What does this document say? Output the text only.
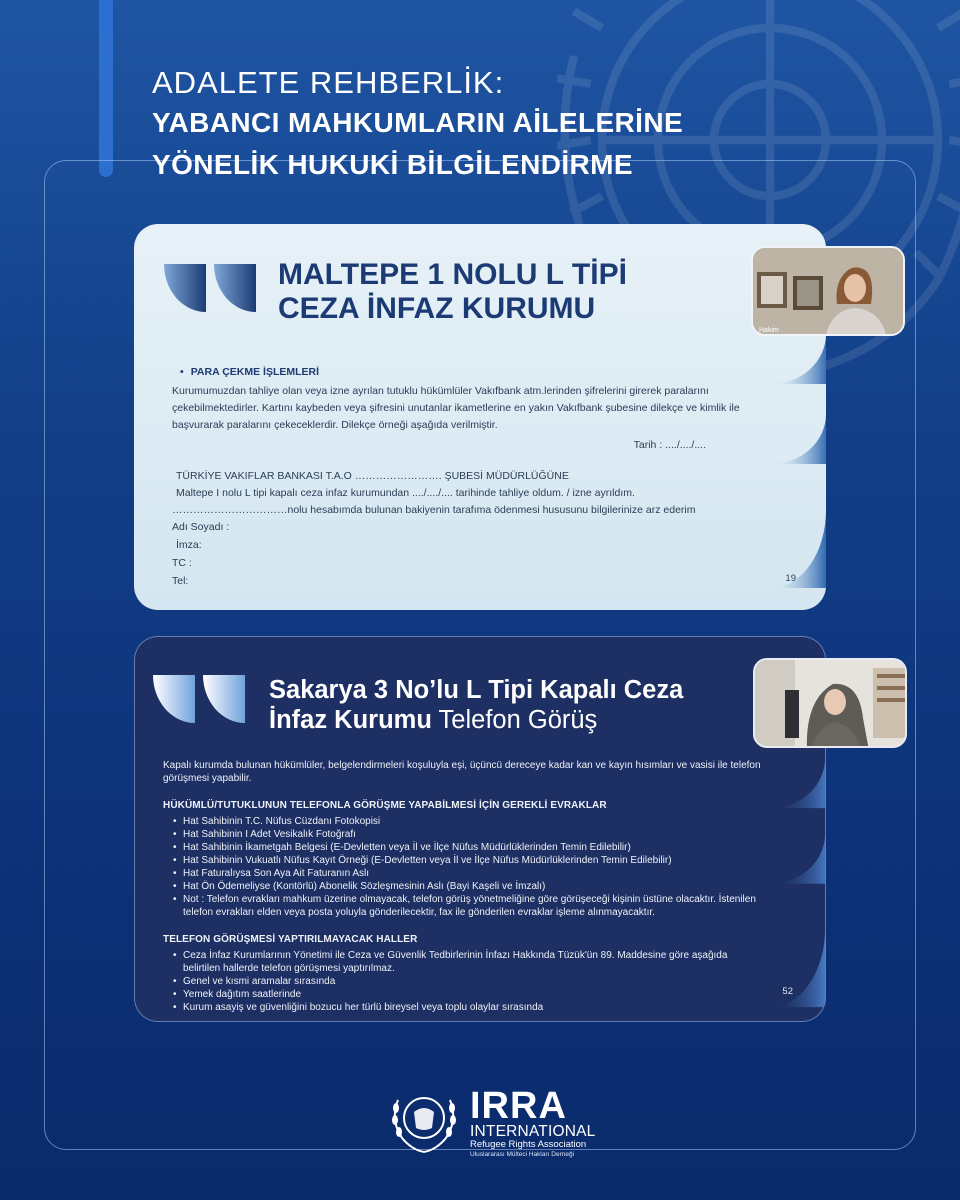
ADALETE REHBERLİK:
YABANCI MAHKUMLARIN AİLELERİNE
YÖNELİK HUKUKİ BİLGİLENDİRME
MALTEPE 1 NOLU L TİPİ
CEZA İNFAZ KURUMU
• PARA ÇEKME İŞLEMLERİ
Kurumumuzdan tahliye olan veya izne ayrılan tutuklu hükümlüler Vakıfbank atm.lerinden şifrelerini girerek paralarını
çekebilmektedirler. Kartını kaybeden veya şifresini unutanlar ikametlerine en yakın Vakıfbank şubesine dilekçe ve kimlik ile
başvurarak paralarını çekeceklerdir. Dilekçe örneği aşağıda verilmiştir.
Tarih : ..../..../....
TÜRKİYE VAKIFLAR BANKASI T.A.O ……………………. ŞUBESİ MÜDÜRLÜĞÜNE
Maltepe I nolu L tipi kapalı ceza infaz kurumundan ..../..../.... tarihinde tahliye oldum. / izne ayrıldım.
……………………………nolu hesabımda bulunan bakiyenin tarafıma ödenmesi hususunu bilgilerinize arz ederim
Adı Soyadı :
İmza:
TC :
Tel:	19
Hakim
Sakarya 3 No’lu L Tipi Kapalı Ceza
İnfaz Kurumu Telefon Görüş
Kapalı kurumda bulunan hükümlüler, belgelendirmeleri koşuluyla eşi, üçüncü dereceye kadar kan ve kayın hısımları ve vasisi ile telefon görüşmesi yapabilir.
HÜKÜMLÜ/TUTUKLUNUN TELEFONLA GÖRÜŞME YAPABİLMESİ İÇİN GEREKLİ EVRAKLAR
• Hat Sahibinin T.C. Nüfus Cüzdanı Fotokopisi
• Hat Sahibinin I Adet Vesikalık Fotoğrafı
• Hat Sahibinin İkametgah Belgesi (E-Devletten veya İl ve İlçe Nüfus Müdürlüklerinden Temin Edilebilir)
• Hat Sahibinin Vukuatlı Nüfus Kayıt Örneği (E-Devletten veya İl ve İlçe Nüfus Müdürlüklerinden Temin Edilebilir)
• Hat Faturalıysa Son Aya Ait Faturanın Aslı
• Hat Ön Ödemeliyse (Kontörlü) Abonelik Sözleşmesinin Aslı (Bayi Kaşeli ve İmzalı)
• Not : Telefon evrakları mahkum üzerine olmayacak, telefon görüş yönetmeliğine göre görüşeceği kişinin üstüne olacaktır. İstenilen telefon evrakları elden veya posta yoluyla gönderilecektir, fax ile gönderilen evraklar işleme alınmayacaktır.
TELEFON GÖRÜŞMESİ YAPTIRILMAYACAK HALLER
• Ceza İnfaz Kurumlarının Yönetimi ile Ceza ve Güvenlik Tedbirlerinin İnfazı Hakkında Tüzük'ün 89. Maddesine göre aşağıda belirtilen hallerde telefon görüşmesi yaptırılmaz.
• Genel ve kısmi aramalar sırasında
• Yemek dağıtım saatlerinde
• Kurum asayiş ve güvenliğini bozucu her türlü bireysel veya toplu olaylar sırasında
52
IRRA
INTERNATIONAL
Refugee Rights Association
Uluslararası Mülteci Hakları Derneği
